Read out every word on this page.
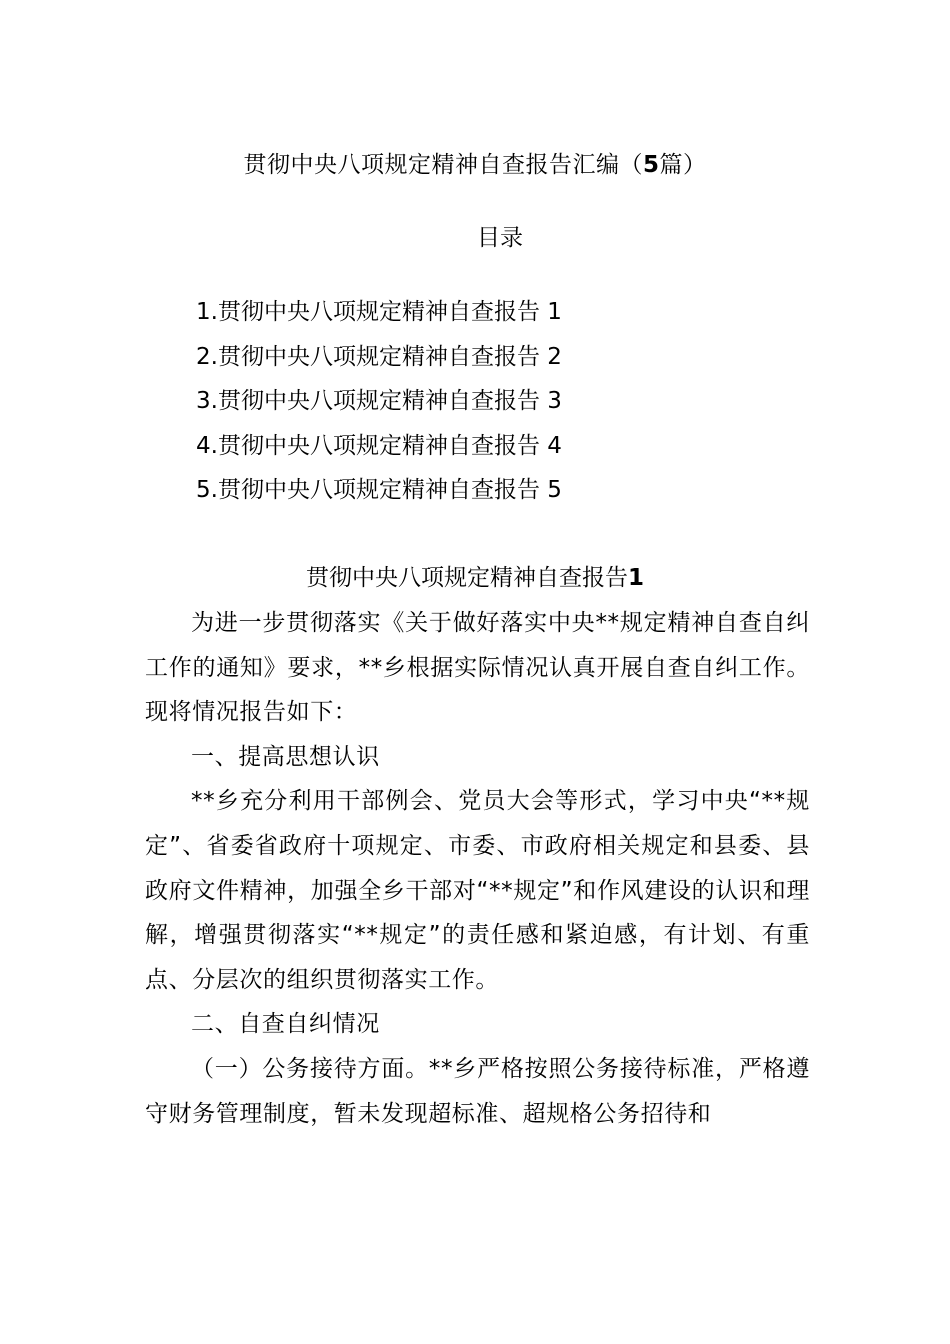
贯彻中央八项规定精神自查报告汇编（5篇）
目录
1.贯彻中央八项规定精神自查报告 1
2.贯彻中央八项规定精神自查报告 2
3.贯彻中央八项规定精神自查报告 3
4.贯彻中央八项规定精神自查报告 4
5.贯彻中央八项规定精神自查报告 5
贯彻中央八项规定精神自查报告1

为进一步贯彻落实《关于做好落实中央**规定精神自查自纠工作的通知》要求，**乡根据实际情况认真开展自查自纠工作。现将情况报告如下：

一、提高思想认识

**乡充分利用干部例会、党员大会等形式，学习中央“**规定”、省委省政府十项规定、市委、市政府相关规定和县委、县政府文件精神，加强全乡干部对“**规定”和作风建设的认识和理解，增强贯彻落实“**规定”的责任感和紧迫感，有计划、有重点、分层次的组织贯彻落实工作。

二、自查自纠情况

（一）公务接待方面。**乡严格按照公务接待标准，严格遵守财务管理制度，暂未发现超标准、超规格公务招待和
